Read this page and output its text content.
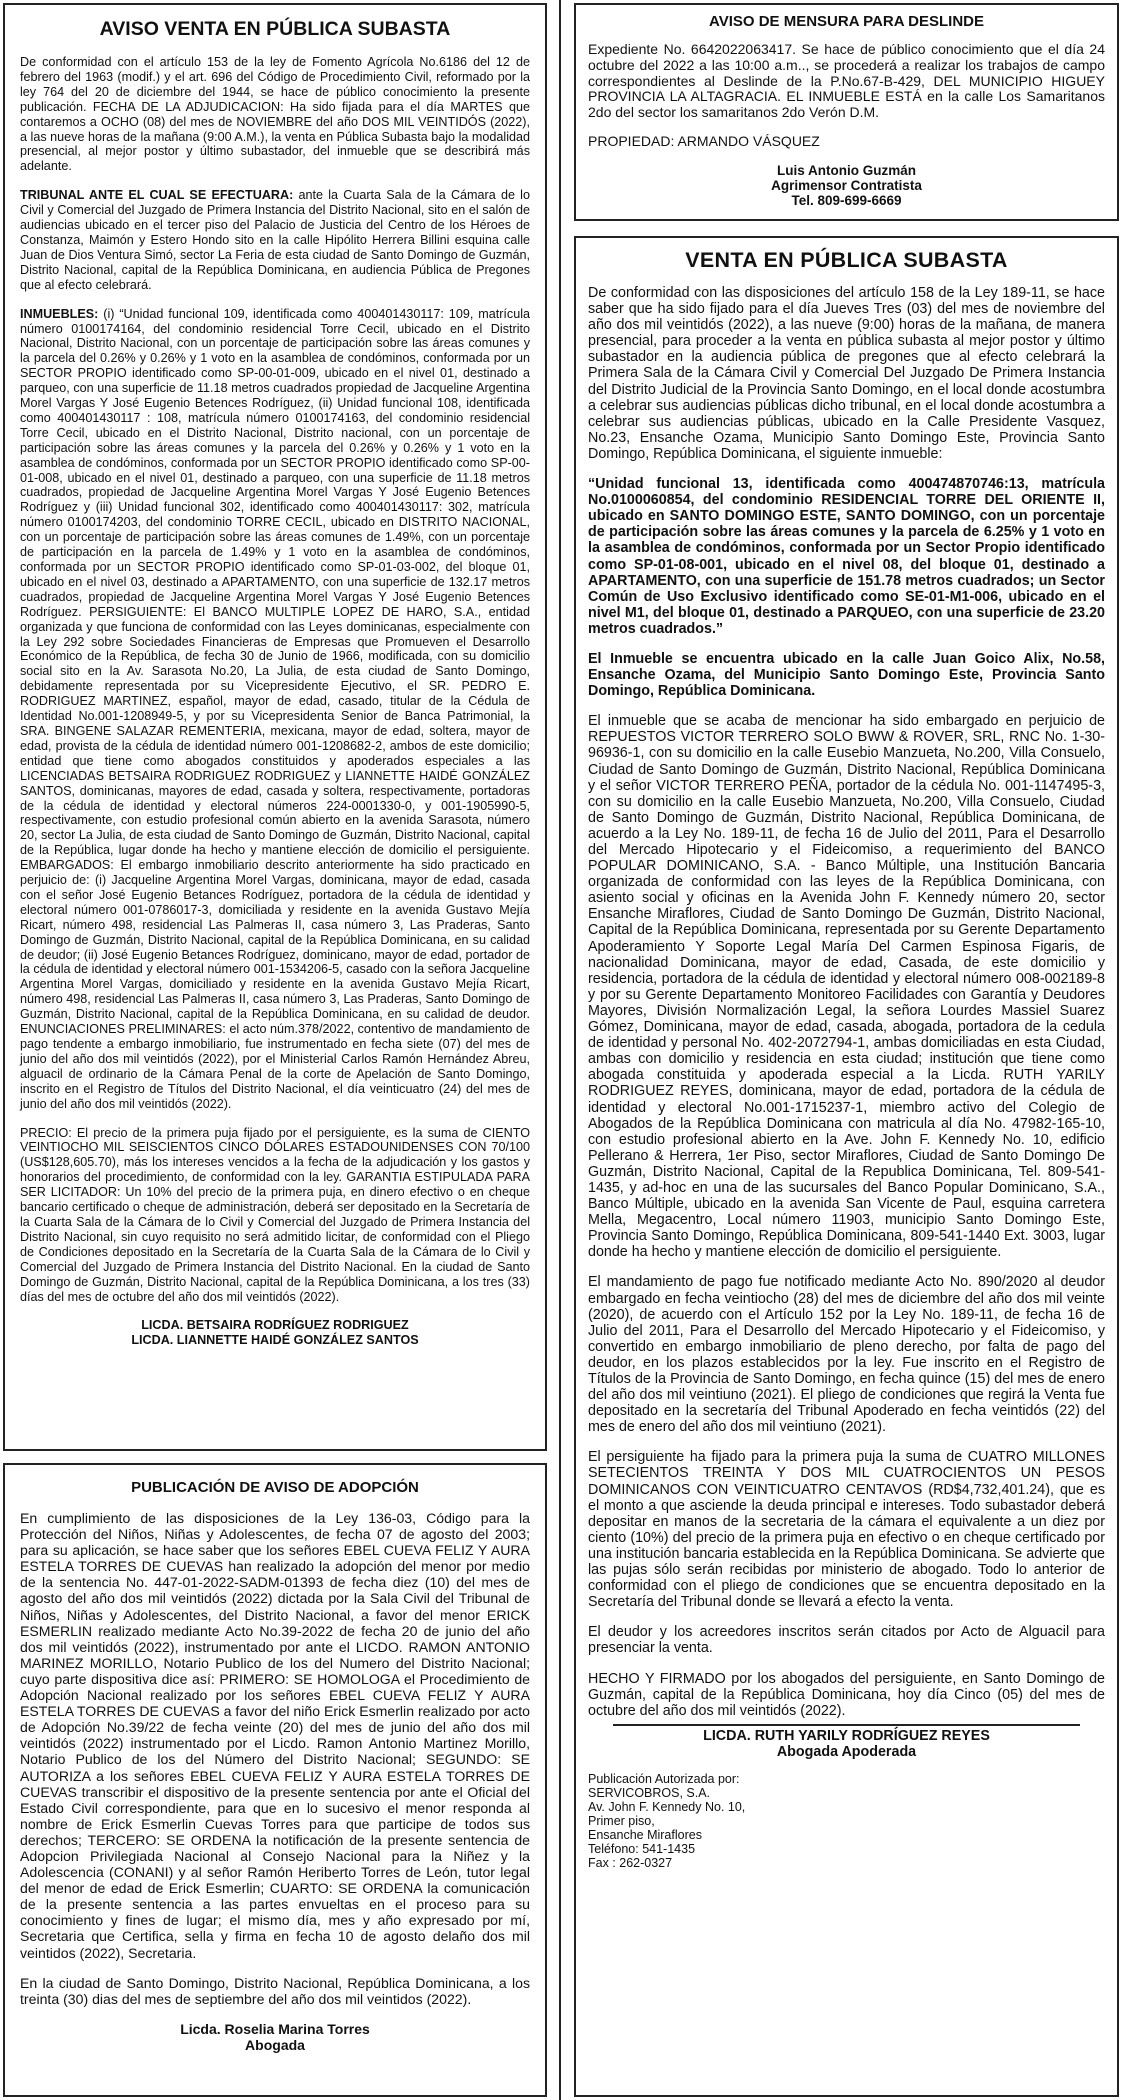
AVISO VENTA EN PÚBLICA SUBASTA

De conformidad con el artículo 153 de la ley de Fomento Agrícola No.6186 del 12 de febrero del 1963 (modif.) y el art. 696 del Código de Procedimiento Civil, reformado por la ley 764 del 20 de diciembre del 1944, se hace de público conocimiento la presente publicación. FECHA DE LA ADJUDICACION: Ha sido fijada para el día MARTES que contaremos a OCHO (08) del mes de NOVIEMBRE del año DOS MIL VEINTIDÓS (2022), a las nueve horas de la mañana (9:00 A.M.), la venta en Pública Subasta bajo la modalidad presencial, al mejor postor y último subastador, del inmueble que se describirá más adelante.

TRIBUNAL ANTE EL CUAL SE EFECTUARA: ante la Cuarta Sala de la Cámara de lo Civil y Comercial del Juzgado de Primera Instancia del Distrito Nacional, sito en el salón de audiencias ubicado en el tercer piso del Palacio de Justicia del Centro de los Héroes de Constanza, Maimón y Estero Hondo sito en la calle Hipólito Herrera Billini esquina calle Juan de Dios Ventura Simó, sector La Feria de esta ciudad de Santo Domingo de Guzmán, Distrito Nacional, capital de la República Dominicana, en audiencia Pública de Pregones que al efecto celebrará.

INMUEBLES: (i) “Unidad funcional 109, identificada como 400401430117: 109, matrícula número 0100174164, del condominio residencial Torre Cecil, ubicado en el Distrito Nacional, Distrito Nacional, con un porcentaje de participación sobre las áreas comunes y la parcela del 0.26% y 0.26% y 1 voto en la asamblea de condóminos, conformada por un SECTOR PROPIO identificado como SP-00-01-009, ubicado en el nivel 01, destinado a parqueo, con una superficie de 11.18 metros cuadrados propiedad de Jacqueline Argentina Morel Vargas Y José Eugenio Betences Rodríguez, (ii) Unidad funcional 108, identificada como 400401430117 : 108, matrícula número 0100174163, del condominio residencial Torre Cecil, ubicado en el Distrito Nacional, Distrito nacional, con un porcentaje de participación sobre las áreas comunes y la parcela del 0.26% y 0.26% y 1 voto en la asamblea de condóminos, conformada por un SECTOR PROPIO identificado como SP-00-01-008, ubicado en el nivel 01, destinado a parqueo, con una superficie de 11.18 metros cuadrados, propiedad de Jacqueline Argentina Morel Vargas Y José Eugenio Betences Rodríguez y (iii) Unidad funcional 302, identificado como 400401430117: 302, matrícula número 0100174203, del condominio TORRE CECIL, ubicado en DISTRITO NACIONAL, con un porcentaje de participación sobre las áreas comunes de 1.49%, con un porcentaje de participación en la parcela de 1.49% y 1 voto en la asamblea de condóminos, conformada por un SECTOR PROPIO identificado como SP-01-03-002, del bloque 01, ubicado en el nivel 03, destinado a APARTAMENTO, con una superficie de 132.17 metros cuadrados, propiedad de Jacqueline Argentina Morel Vargas Y José Eugenio Betences Rodríguez. PERSIGUIENTE: El BANCO MULTIPLE LOPEZ DE HARO, S.A., entidad organizada y que funciona de conformidad con las Leyes dominicanas, especialmente con la Ley 292 sobre Sociedades Financieras de Empresas que Promueven el Desarrollo Económico de la República, de fecha 30 de Junio de 1966, modificada, con su domicilio social sito en la Av. Sarasota No.20, La Julia, de esta ciudad de Santo Domingo, debidamente representada por su Vicepresidente Ejecutivo, el SR. PEDRO E. RODRIGUEZ MARTINEZ, español, mayor de edad, casado, titular de la Cédula de Identidad No.001-1208949-5, y por su Vicepresidenta Senior de Banca Patrimonial, la SRA. BINGENE SALAZAR REMENTERIA, mexicana, mayor de edad, soltera, mayor de edad, provista de la cédula de identidad número 001-1208682-2, ambos de este domicilio; entidad que tiene como abogados constituidos y apoderados especiales a las LICENCIADAS BETSAIRA RODRIGUEZ RODRIGUEZ y LIANNETTE HAIDÉ GONZÁLEZ SANTOS, dominicanas, mayores de edad, casada y soltera, respectivamente, portadoras de la cédula de identidad y electoral números 224-0001330-0, y 001-1905990-5, respectivamente, con estudio profesional común abierto en la avenida Sarasota, número 20, sector La Julia, de esta ciudad de Santo Domingo de Guzmán, Distrito Nacional, capital de la República, lugar donde ha hecho y mantiene elección de domicilio el persiguiente. EMBARGADOS: El embargo inmobiliario descrito anteriormente ha sido practicado en perjuicio de: (i) Jacqueline Argentina Morel Vargas, dominicana, mayor de edad, casada con el señor José Eugenio Betances Rodríguez, portadora de la cédula de identidad y electoral número 001-0786017-3, domiciliada y residente en la avenida Gustavo Mejía Ricart, número 498, residencial Las Palmeras II, casa número 3, Las Praderas, Santo Domingo de Guzmán, Distrito Nacional, capital de la República Dominicana, en su calidad de deudor; (ii) José Eugenio Betances Rodríguez, dominicano, mayor de edad, portador de la cédula de identidad y electoral número 001-1534206-5, casado con la señora Jacqueline Argentina Morel Vargas, domiciliado y residente en la avenida Gustavo Mejía Ricart, número 498, residencial Las Palmeras II, casa número 3, Las Praderas, Santo Domingo de Guzmán, Distrito Nacional, capital de la República Dominicana, en su calidad de deudor. ENUNCIACIONES PRELIMINARES: el acto núm.378/2022, contentivo de mandamiento de pago tendente a embargo inmobiliario, fue instrumentado en fecha siete (07) del mes de junio del año dos mil veintidós (2022), por el Ministerial Carlos Ramón Hernández Abreu, alguacil de ordinario de la Cámara Penal de la corte de Apelación de Santo Domingo, inscrito en el Registro de Títulos del Distrito Nacional, el día veinticuatro (24) del mes de junio del año dos mil veintidós (2022).

PRECIO: El precio de la primera puja fijado por el persiguiente, es la suma de CIENTO VEINTIOCHO MIL SEISCIENTOS CINCO DÓLARES ESTADOUNIDENSES CON 70/100 (US$128,605.70), más los intereses vencidos a la fecha de la adjudicación y los gastos y honorarios del procedimiento, de conformidad con la ley. GARANTIA ESTIPULADA PARA SER LICITADOR: Un 10% del precio de la primera puja, en dinero efectivo o en cheque bancario certificado o cheque de administración, deberá ser depositado en la Secretaría de la Cuarta Sala de la Cámara de lo Civil y Comercial del Juzgado de Primera Instancia del Distrito Nacional, sin cuyo requisito no será admitido licitar, de conformidad con el Pliego de Condiciones depositado en la Secretaría de la Cuarta Sala de la Cámara de lo Civil y Comercial del Juzgado de Primera Instancia del Distrito Nacional. En la ciudad de Santo Domingo de Guzmán, Distrito Nacional, capital de la República Dominicana, a los tres (33) días del mes de octubre del año dos mil veintidós (2022).

LICDA. BETSAIRA RODRÍGUEZ RODRIGUEZ

LICDA. LIANNETTE HAIDÉ GONZÁLEZ SANTOS

PUBLICACIÓN DE AVISO DE ADOPCIÓN

En cumplimiento de las disposiciones de la Ley 136-03, Código para la Protección del Niños, Niñas y Adolescentes, de fecha 07 de agosto del 2003; para su aplicación, se hace saber que los señores EBEL CUEVA FELIZ Y AURA ESTELA TORRES DE CUEVAS han realizado la adopción del menor por medio de la sentencia No. 447-01-2022-SADM-01393 de fecha diez (10) del mes de agosto del año dos mil veintidós (2022) dictada por la Sala Civil del Tribunal de Niños, Niñas y Adolescentes, del Distrito Nacional, a favor del menor ERICK ESMERLIN realizado mediante Acto No.39-2022 de fecha 20 de junio del año dos mil veintidós (2022), instrumentado por ante el LICDO. RAMON ANTONIO MARINEZ MORILLO, Notario Publico de los del Numero del Distrito Nacional; cuyo parte dispositiva dice así: PRIMERO: SE HOMOLOGA el Procedimiento de Adopción Nacional realizado por los señores EBEL CUEVA FELIZ Y AURA ESTELA TORRES DE CUEVAS a favor del niño Erick Esmerlin realizado por acto de Adopción No.39/22 de fecha veinte (20) del mes de junio del año dos mil veintidós (2022) instrumentado por el Licdo. Ramon Antonio Martinez Morillo, Notario Publico de los del Número del Distrito Nacional; SEGUNDO: SE AUTORIZA a los señores EBEL CUEVA FELIZ Y AURA ESTELA TORRES DE CUEVAS transcribir el dispositivo de la presente sentencia por ante el Oficial del Estado Civil correspondiente, para que en lo sucesivo el menor responda al nombre de Erick Esmerlin Cuevas Torres para que participe de todos sus derechos; TERCERO: SE ORDENA la notificación de la presente sentencia de Adopcion Privilegiada Nacional al Consejo Nacional para la Niñez y la Adolescencia (CONANI) y al señor Ramón Heriberto Torres de León, tutor legal del menor de edad de Erick Esmerlin; CUARTO: SE ORDENA la comunicación de la presente sentencia a las partes envueltas en el proceso para su conocimiento y fines de lugar; el mismo día, mes y año expresado por mí, Secretaria que Certifica, sella y firma en fecha 10 de agosto delaño dos mil veintidos (2022), Secretaria.

En la ciudad de Santo Domingo, Distrito Nacional, República Dominicana, a los treinta (30) dias del mes de septiembre del año dos mil veintidos (2022).

Licda. Roselia Marina Torres

Abogada

AVISO DE MENSURA PARA DESLINDE

Expediente No. 6642022063417. Se hace de público conocimiento que el día 24 octubre del 2022 a las 10:00 a.m.., se procederá a realizar los trabajos de campo correspondientes al Deslinde de la P.No.67-B-429, DEL MUNICIPIO HIGUEY PROVINCIA LA ALTAGRACIA. EL INMUEBLE ESTÁ en la calle Los Samaritanos 2do del sector los samaritanos 2do Verón D.M.

PROPIEDAD: ARMANDO VÁSQUEZ

Luis Antonio Guzmán

Agrimensor Contratista

Tel. 809-699-6669

VENTA EN PÚBLICA SUBASTA

De conformidad con las disposiciones del artículo 158 de la Ley 189-11, se hace saber que ha sido fijado para el día Jueves Tres (03) del mes de noviembre del año dos mil veintidós (2022), a las nueve (9:00) horas de la mañana, de manera presencial, para proceder a la venta en pública subasta al mejor postor y último subastador en la audiencia pública de pregones que al efecto celebrará la Primera Sala de la Cámara Civil y Comercial Del Juzgado De Primera Instancia del Distrito Judicial de la Provincia Santo Domingo, en el local donde acostumbra a celebrar sus audiencias públicas dicho tribunal, en el local donde acostumbra a celebrar sus audiencias públicas, ubicado en la Calle Presidente Vasquez, No.23, Ensanche Ozama, Municipio Santo Domingo Este, Provincia Santo Domingo, República Dominicana, el siguiente inmueble:

“Unidad funcional 13, identificada como 400474870746:13, matrícula No.0100060854, del condominio RESIDENCIAL TORRE DEL ORIENTE II, ubicado en SANTO DOMINGO ESTE, SANTO DOMINGO, con un porcentaje de participación sobre las áreas comunes y la parcela de 6.25% y 1 voto en la asamblea de condóminos, conformada por un Sector Propio identificado como SP-01-08-001, ubicado en el nivel 08, del bloque 01, destinado a APARTAMENTO, con una superficie de 151.78 metros cuadrados; un Sector Común de Uso Exclusivo identificado como SE-01-M1-006, ubicado en el nivel M1, del bloque 01, destinado a PARQUEO, con una superficie de 23.20 metros cuadrados.”

El Inmueble se encuentra ubicado en la calle Juan Goico Alix, No.58, Ensanche Ozama, del Municipio Santo Domingo Este, Provincia Santo Domingo, República Dominicana.

El inmueble que se acaba de mencionar ha sido embargado en perjuicio de REPUESTOS VICTOR TERRERO SOLO BWW & ROVER, SRL, RNC No. 1-30-96936-1, con su domicilio en la calle Eusebio Manzueta, No.200, Villa Consuelo, Ciudad de Santo Domingo de Guzmán, Distrito Nacional, República Dominicana y el señor VICTOR TERRERO PEÑA, portador de la cédula No. 001-1147495-3, con su domicilio en la calle Eusebio Manzueta, No.200, Villa Consuelo, Ciudad de Santo Domingo de Guzmán, Distrito Nacional, República Dominicana, de acuerdo a la Ley No. 189-11, de fecha 16 de Julio del 2011, Para el Desarrollo del Mercado Hipotecario y el Fideicomiso, a requerimiento del BANCO POPULAR DOMINICANO, S.A. - Banco Múltiple, una Institución Bancaria organizada de conformidad con las leyes de la República Dominicana, con asiento social y oficinas en la Avenida John F. Kennedy número 20, sector Ensanche Miraflores, Ciudad de Santo Domingo De Guzmán, Distrito Nacional, Capital de la República Dominicana, representada por su Gerente Departamento Apoderamiento Y Soporte Legal María Del Carmen Espinosa Figaris, de nacionalidad Dominicana, mayor de edad, Casada, de este domicilio y residencia, portadora de la cédula de identidad y electoral número 008-002189-8 y por su Gerente Departamento Monitoreo Facilidades con Garantía y Deudores Mayores, División Normalización Legal, la señora Lourdes Massiel Suarez Gómez, Dominicana, mayor de edad, casada, abogada, portadora de la cedula de identidad y personal No. 402-2072794-1, ambas domiciliadas en esta Ciudad, ambas con domicilio y residencia en esta ciudad; institución que tiene como abogada constituida y apoderada especial a la Licda. RUTH YARILY RODRIGUEZ REYES, dominicana, mayor de edad, portadora de la cédula de identidad y electoral No.001-1715237-1, miembro activo del Colegio de Abogados de la República Dominicana con matricula al día No. 47982-165-10, con estudio profesional abierto en la Ave. John F. Kennedy No. 10, edificio Pellerano & Herrera, 1er Piso, sector Miraflores, Ciudad de Santo Domingo De Guzmán, Distrito Nacional, Capital de la Republica Dominicana, Tel. 809-541-1435, y ad-hoc en una de las sucursales del Banco Popular Dominicano, S.A., Banco Múltiple, ubicado en la avenida San Vicente de Paul, esquina carretera Mella, Megacentro, Local número 11903, municipio Santo Domingo Este, Provincia Santo Domingo, República Dominicana, 809-541-1440 Ext. 3003, lugar donde ha hecho y mantiene elección de domicilio el persiguiente.

El mandamiento de pago fue notificado mediante Acto No. 890/2020 al deudor embargado en fecha veintiocho (28) del mes de diciembre del año dos mil veinte (2020), de acuerdo con el Artículo 152 por la Ley No. 189-11, de fecha 16 de Julio del 2011, Para el Desarrollo del Mercado Hipotecario y el Fideicomiso, y convertido en embargo inmobiliario de pleno derecho, por falta de pago del deudor, en los plazos establecidos por la ley. Fue inscrito en el Registro de Títulos de la Provincia de Santo Domingo, en fecha quince (15) del mes de enero del año dos mil veintiuno (2021). El pliego de condiciones que regirá la Venta fue depositado en la secretaría del Tribunal Apoderado en fecha veintidós (22) del mes de enero del año dos mil veintiuno (2021).

El persiguiente ha fijado para la primera puja la suma de CUATRO MILLONES SETECIENTOS TREINTA Y DOS MIL CUATROCIENTOS UN PESOS DOMINICANOS CON VEINTICUATRO CENTAVOS (RD$4,732,401.24), que es el monto a que asciende la deuda principal e intereses. Todo subastador deberá depositar en manos de la secretaria de la cámara el equivalente a un diez por ciento (10%) del precio de la primera puja en efectivo o en cheque certificado por una institución bancaria establecida en la República Dominicana. Se advierte que las pujas sólo serán recibidas por ministerio de abogado. Todo lo anterior de conformidad con el pliego de condiciones que se encuentra depositado en la Secretaría del Tribunal donde se llevará a efecto la venta.

El deudor y los acreedores inscritos serán citados por Acto de Alguacil para presenciar la venta.

HECHO Y FIRMADO por los abogados del persiguiente, en Santo Domingo de Guzmán, capital de la República Dominicana, hoy día Cinco (05) del mes de octubre del año dos mil veintidós (2022).

LICDA. RUTH YARILY RODRÍGUEZ REYES

Abogada Apoderada

Publicación Autorizada por:

SERVICOBROS, S.A.

Av. John F. Kennedy No. 10,

Primer piso,

Ensanche Miraflores

Teléfono: 541-1435

Fax : 262-0327
